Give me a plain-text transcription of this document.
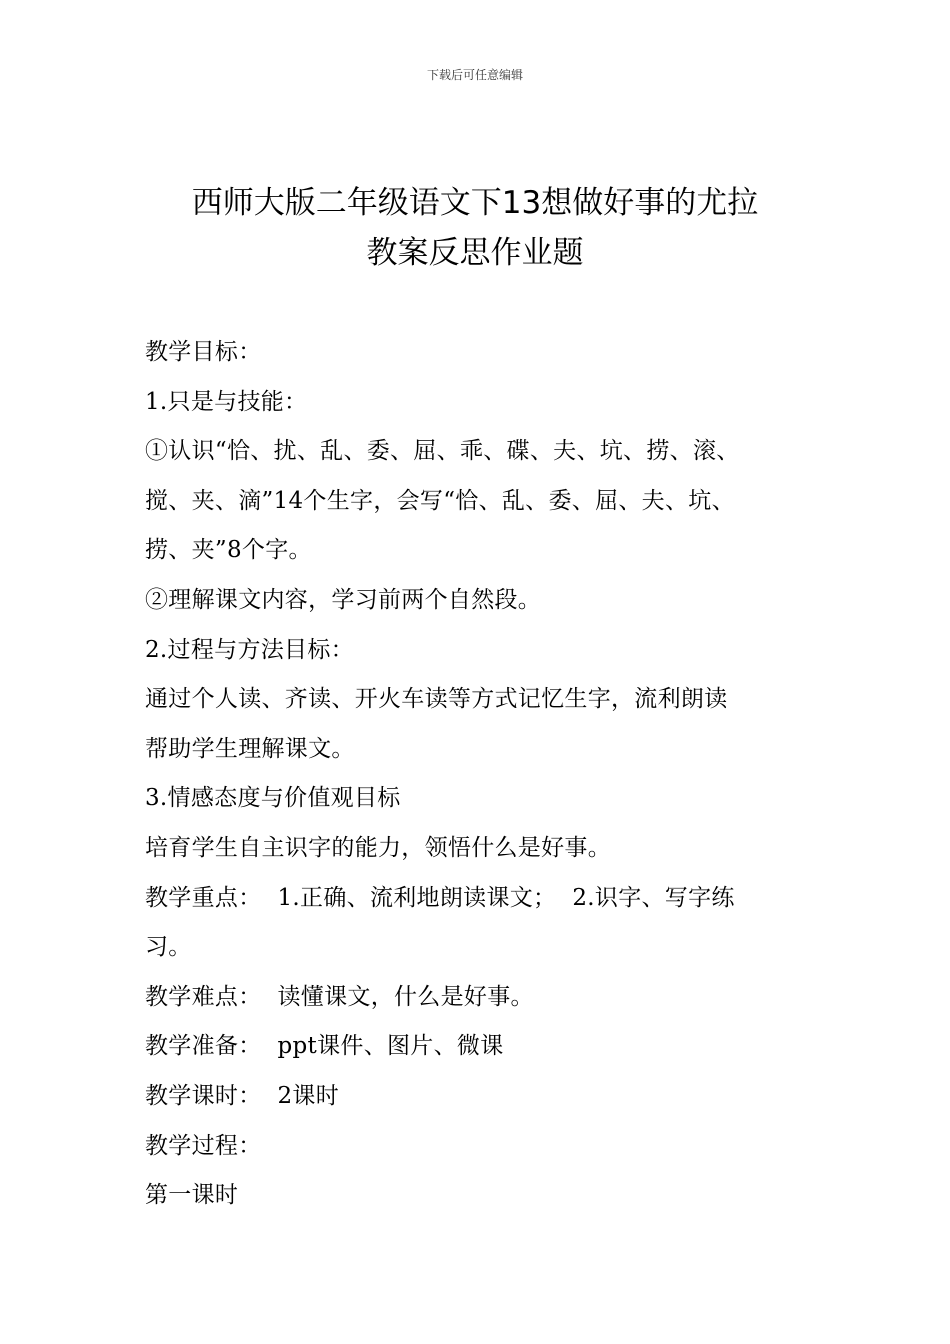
下载后可任意编辑
西师大版二年级语文下13想做好事的尤拉
教案反思作业题
教学目标：
1.只是与技能：
①认识“恰、扰、乱、委、屈、乖、碟、夫、坑、捞、滚、
搅、夹、滴”14个生字，会写“恰、乱、委、屈、夫、坑、
捞、夹”8个字。
②理解课文内容，学习前两个自然段。
2.过程与方法目标：
通过个人读、齐读、开火车读等方式记忆生字，流利朗读
帮助学生理解课文。
3.情感态度与价值观目标
培育学生自主识字的能力，领悟什么是好事。
教学重点： 1.正确、流利地朗读课文； 2.识字、写字练
习。
教学难点： 读懂课文，什么是好事。
教学准备： ppt课件、图片、微课
教学课时： 2课时
教学过程：
第一课时
